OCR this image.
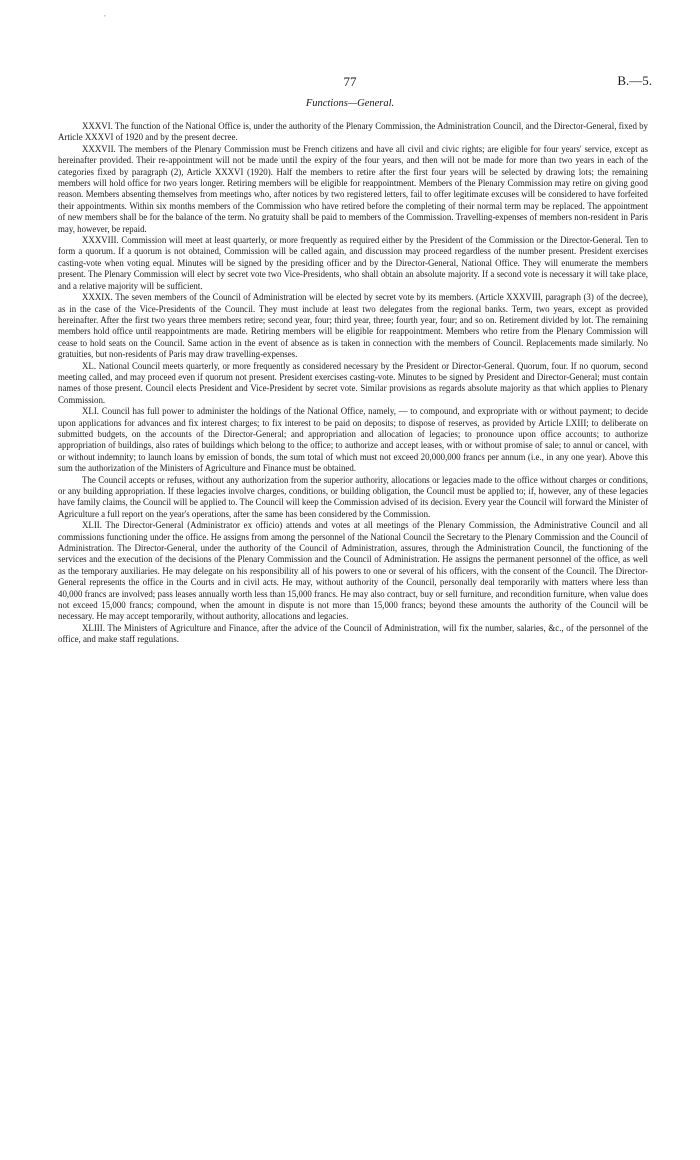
,
77	B.—5.
Functions—General.

XXXVI. The function of the National Office is, under the authority of the Plenary Commission, the Administration Council, and the Director-General, fixed by Article XXXVI of 1920 and by the present decree.

XXXVII. The members of the Plenary Commission must be French citizens and have all civil and civic rights; are eligible for four years' service, except as hereinafter provided. Their re-appointment will not be made until the expiry of the four years, and then will not be made for more than two years in each of the categories fixed by paragraph (2), Article XXXVI (1920). Half the members to retire after the first four years will be selected by drawing lots; the remaining members will hold office for two years longer. Retiring members will be eligible for reappointment. Members of the Plenary Commission may retire on giving good reason. Members absenting themselves from meetings who, after notices by two registered letters, fail to offer legitimate excuses will be considered to have forfeited their appointments. Within six months members of the Commission who have retired before the completing of their normal term may be replaced. The appointment of new members shall be for the balance of the term. No gratuity shall be paid to members of the Commission. Travelling-expenses of members non-resident in Paris may, however, be repaid.

XXXVIII. Commission will meet at least quarterly, or more frequently as required either by the President of the Commission or the Director-General. Ten to form a quorum. If a quorum is not obtained, Commission will be called again, and discussion may proceed regardless of the number present. President exercises casting-vote when voting equal. Minutes will be signed by the presiding officer and by the Director-General, National Office. They will enumerate the members present. The Plenary Commission will elect by secret vote two Vice-Presidents, who shall obtain an absolute majority. If a second vote is necessary it will take place, and a relative majority will be sufficient.

XXXIX. The seven members of the Council of Administration will be elected by secret vote by its members. (Article XXXVIII, paragraph (3) of the decree), as in the case of the Vice-Presidents of the Council. They must include at least two delegates from the regional banks. Term, two years, except as provided hereinafter. After the first two years three members retire; second year, four; third year, three; fourth year, four; and so on. Retirement divided by lot. The remaining members hold office until reappointments are made. Retiring members will be eligible for reappointment. Members who retire from the Plenary Commission will cease to hold seats on the Council. Same action in the event of absence as is taken in connection with the members of Council. Replacements made similarly. No gratuities, but non-residents of Paris may draw travelling-expenses.

XL. National Council meets quarterly, or more frequently as considered necessary by the President or Director-General. Quorum, four. If no quorum, second meeting called, and may proceed even if quorum not present. President exercises casting-vote. Minutes to be signed by President and Director-General; must contain names of those present. Council elects President and Vice-President by secret vote. Similar provisions as regards absolute majority as that which applies to Plenary Commission.

XLI. Council has full power to administer the holdings of the National Office, namely, — to compound, and expropriate with or without payment; to decide upon applications for advances and fix interest charges; to fix interest to be paid on deposits; to dispose of reserves, as provided by Article LXIII; to deliberate on submitted budgets, on the accounts of the Director-General; and appropriation and allocation of legacies; to pronounce upon office accounts; to authorize appropriation of buildings, also rates of buildings which belong to the office; to authorize and accept leases, with or without promise of sale; to annul or cancel, with or without indemnity; to launch loans by emission of bonds, the sum total of which must not exceed 20,000,000 francs per annum (i.e., in any one year). Above this sum the authorization of the Ministers of Agriculture and Finance must be obtained.

The Council accepts or refuses, without any authorization from the superior authority, allocations or legacies made to the office without charges or conditions, or any building appropriation. If these legacies involve charges, conditions, or building obligation, the Council must be applied to; if, however, any of these legacies have family claims, the Council will be applied to. The Council will keep the Commission advised of its decision. Every year the Council will forward the Minister of Agriculture a full report on the year's operations, after the same has been considered by the Commission.

XLII. The Director-General (Administrator ex officio) attends and votes at all meetings of the Plenary Commission, the Administrative Council and all commissions functioning under the office. He assigns from among the personnel of the National Council the Secretary to the Plenary Commission and the Council of Administration. The Director-General, under the authority of the Council of Administration, assures, through the Administration Council, the functioning of the services and the execution of the decisions of the Plenary Commission and the Council of Administration. He assigns the permanent personnel of the office, as well as the temporary auxiliaries. He may delegate on his responsibility all of his powers to one or several of his officers, with the consent of the Council. The Director-General represents the office in the Courts and in civil acts. He may, without authority of the Council, personally deal temporarily with matters where less than 40,000 francs are involved; pass leases annually worth less than 15,000 francs. He may also contract, buy or sell furniture, and recondition furniture, when value does not exceed 15,000 francs; compound, when the amount in dispute is not more than 15,000 francs; beyond these amounts the authority of the Council will be necessary. He may accept temporarily, without authority, allocations and legacies.

XLIII. The Ministers of Agriculture and Finance, after the advice of the Council of Administration, will fix the number, salaries, &c., of the personnel of the office, and make staff regulations.
